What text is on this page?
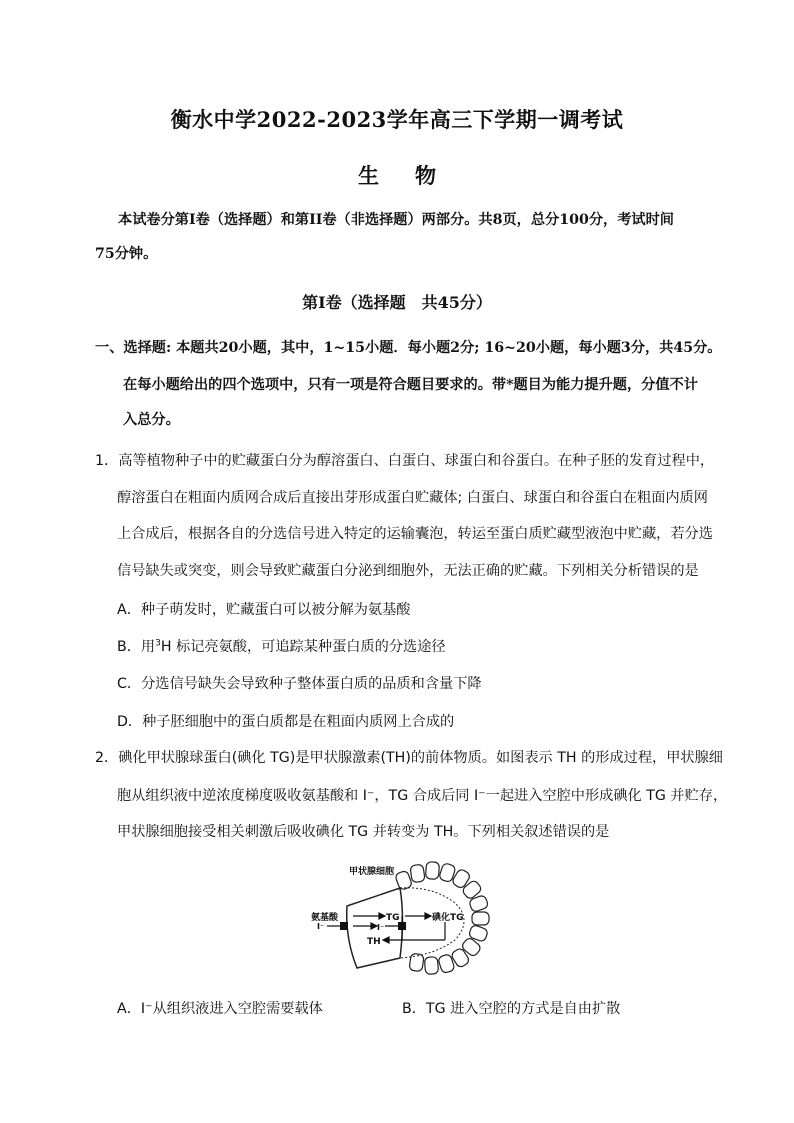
衡水中学2022-2023学年高三下学期一调考试
生 物
本试卷分第I卷（选择题）和第II卷（非选择题）两部分。共8页，总分100分，考试时间
75分钟。
第I卷（选择题　共45分）
一、选择题: 本题共20小题，其中，1~15小题．每小题2分; 16~20小题，每小题3分，共45分。
在每小题给出的四个选项中，只有一项是符合题目要求的。带*题目为能力提升题，分值不计
入总分。
1．高等植物种子中的贮藏蛋白分为醇溶蛋白、白蛋白、球蛋白和谷蛋白。在种子胚的发育过程中，
醇溶蛋白在粗面内质网合成后直接出芽形成蛋白贮藏体; 白蛋白、球蛋白和谷蛋白在粗面内质网
上合成后，根据各自的分选信号进入特定的运输囊泡，转运至蛋白质贮藏型液泡中贮藏，若分选
信号缺失或突变，则会导致贮藏蛋白分泌到细胞外，无法正确的贮藏。下列相关分析错误的是
A．种子萌发时，贮藏蛋白可以被分解为氨基酸
B．用$^3$H 标记亮氨酸，可追踪某种蛋白质的分选途径
C．分选信号缺失会导致种子整体蛋白质的品质和含量下降
D．种子胚细胞中的蛋白质都是在粗面内质网上合成的
2．碘化甲状腺球蛋白(碘化 TG)是甲状腺激素(TH)的前体物质。如图表示 TH 的形成过程，甲状腺细
胞从组织液中逆浓度梯度吸收氨基酸和 I⁻，TG 合成后同 I⁻一起进入空腔中形成碘化 TG 并贮存，
甲状腺细胞接受相关刺激后吸收碘化 TG 并转变为 TH。下列相关叙述错误的是
甲状腺细胞
氨基酸	TG	碘化TG
I⁻	I⁻
TH
A．I⁻从组织液进入空腔需要载体	B．TG 进入空腔的方式是自由扩散
